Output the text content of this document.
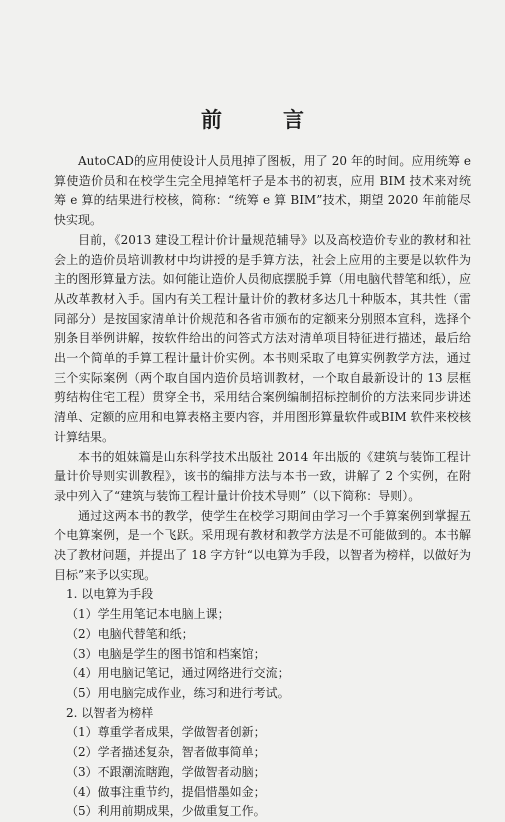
前　言

AutoCAD的应用使设计人员甩掉了图板，用了 20 年的时间。应用统筹 e 算使造价员和在校学生完全甩掉笔杆子是本书的初衷，应用 BIM 技术来对统筹 e 算的结果进行校核，简称：“统筹 e 算 BIM”技术，期望 2020 年前能尽快实现。

目前，《2013 建设工程计价计量规范辅导》以及高校造价专业的教材和社会上的造价员培训教材中均讲授的是手算方法，社会上应用的主要是以软件为主的图形算量方法。如何能让造价人员彻底摆脱手算（用电脑代替笔和纸），应从改革教材入手。国内有关工程计量计价的教材多达几十种版本，其共性（雷同部分）是按国家清单计价规范和各省市颁布的定额来分别照本宣科，选择个别条目举例讲解，按软件给出的问答式方法对清单项目特征进行描述，最后给出一个简单的手算工程计量计价实例。本书则采取了电算实例教学方法，通过三个实际案例（两个取自国内造价员培训教材，一个取自最新设计的 13 层框剪结构住宅工程）贯穿全书，采用结合案例编制招标控制价的方法来同步讲述清单、定额的应用和电算表格主要内容，并用图形算量软件或BIM 软件来校核计算结果。

本书的姐妹篇是山东科学技术出版社 2014 年出版的《建筑与装饰工程计量计价导则实训教程》，该书的编排方法与本书一致，讲解了 2 个实例，在附录中列入了“建筑与装饰工程计量计价技术导则”（以下简称：导则）。

通过这两本书的教学，使学生在校学习期间由学习一个手算案例到掌握五个电算案例，是一个飞跃。采用现有教材和教学方法是不可能做到的。本书解决了教材问题，并提出了 18 字方针“以电算为手段，以智者为榜样，以做好为目标”来予以实现。

1. 以电算为手段

（1）学生用笔记本电脑上课；

（2）电脑代替笔和纸；

（3）电脑是学生的图书馆和档案馆；

（4）用电脑记笔记，通过网络进行交流；

（5）用电脑完成作业，练习和进行考试。

2. 以智者为榜样

（1）尊重学者成果，学做智者创新；

（2）学者描述复杂，智者做事简单；

（3）不跟潮流瞎跑，学做智者动脑；

（4）做事注重节约，提倡惜墨如金；

（5）利用前期成果，少做重复工作。
